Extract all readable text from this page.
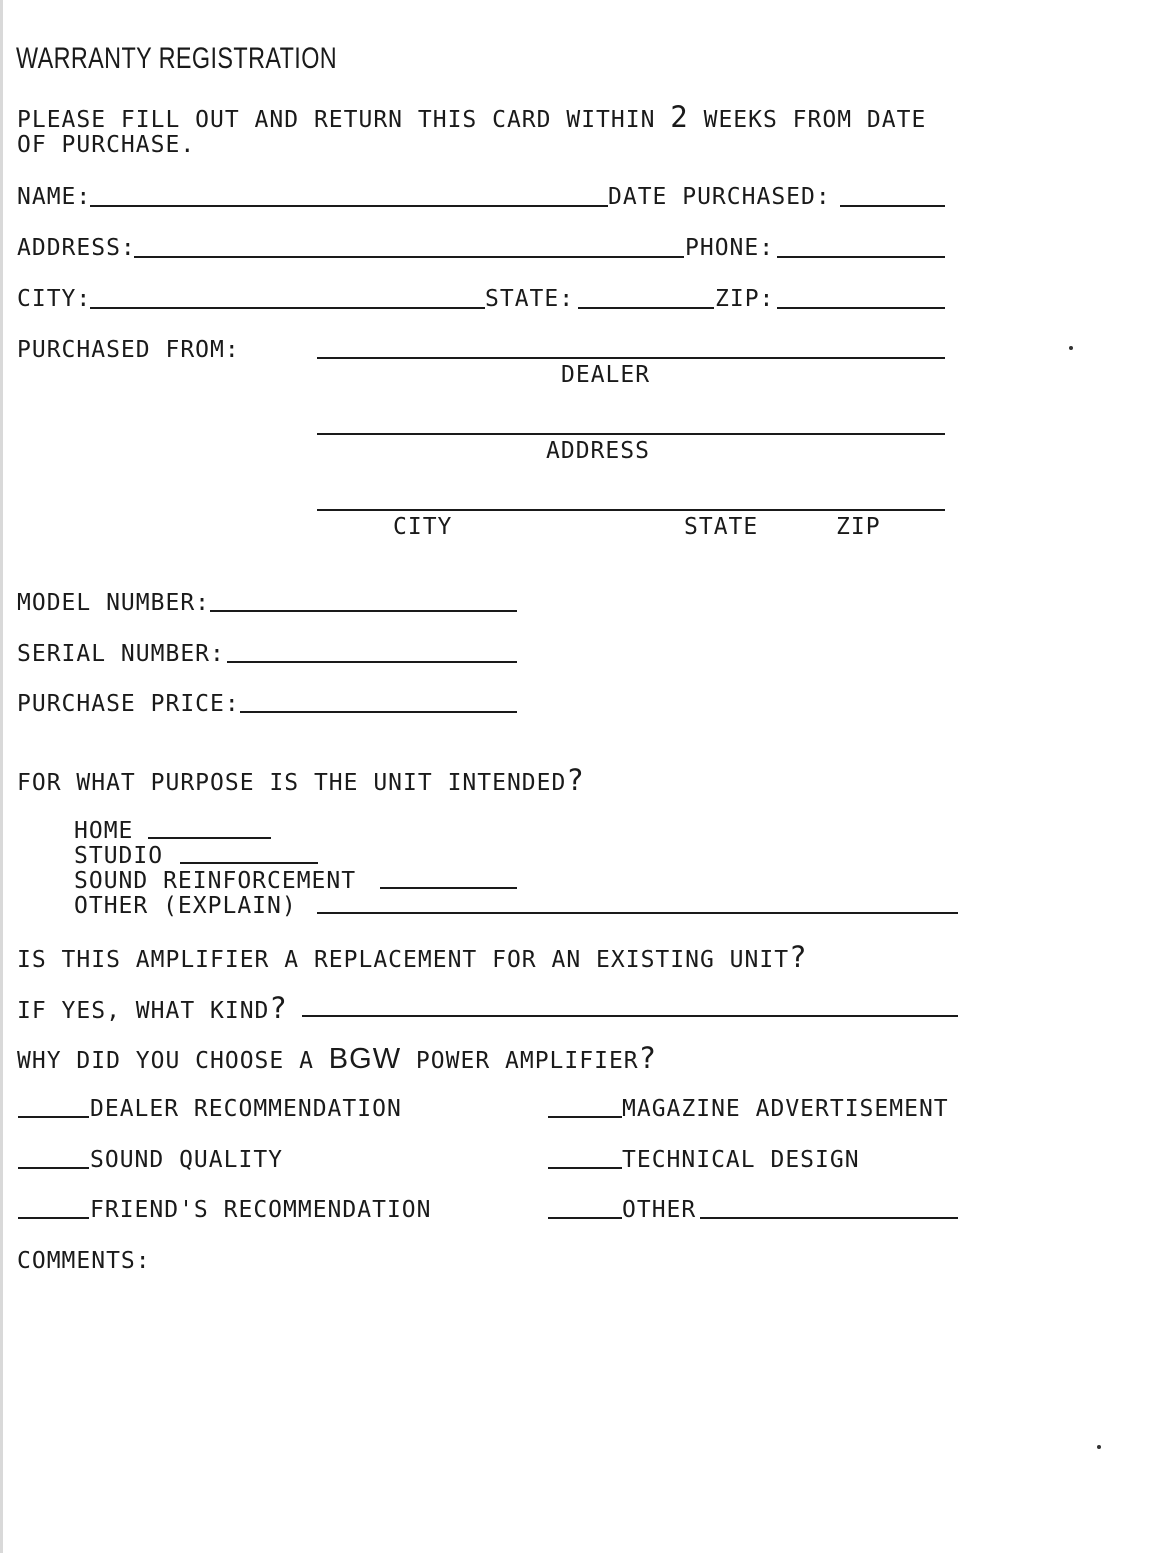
WARRANTY REGISTRATION
PLEASE FILL OUT AND RETURN THIS CARD WITHIN 2 WEEKS FROM DATE
OF PURCHASE.
NAME:	DATE PURCHASED:
ADDRESS:	PHONE:
CITY:	STATE:	ZIP:
PURCHASED FROM:
DEALER
ADDRESS
CITY	STATE	ZIP
MODEL NUMBER:
SERIAL NUMBER:
PURCHASE PRICE:
FOR WHAT PURPOSE IS THE UNIT INTENDED?
HOME
STUDIO
SOUND REINFORCEMENT
OTHER (EXPLAIN)
IS THIS AMPLIFIER A REPLACEMENT FOR AN EXISTING UNIT?
IF YES, WHAT KIND?
WHY DID YOU CHOOSE A BGW POWER AMPLIFIER?
DEALER RECOMMENDATION	MAGAZINE ADVERTISEMENT
SOUND QUALITY	TECHNICAL DESIGN
FRIEND'S RECOMMENDATION	OTHER
COMMENTS:
